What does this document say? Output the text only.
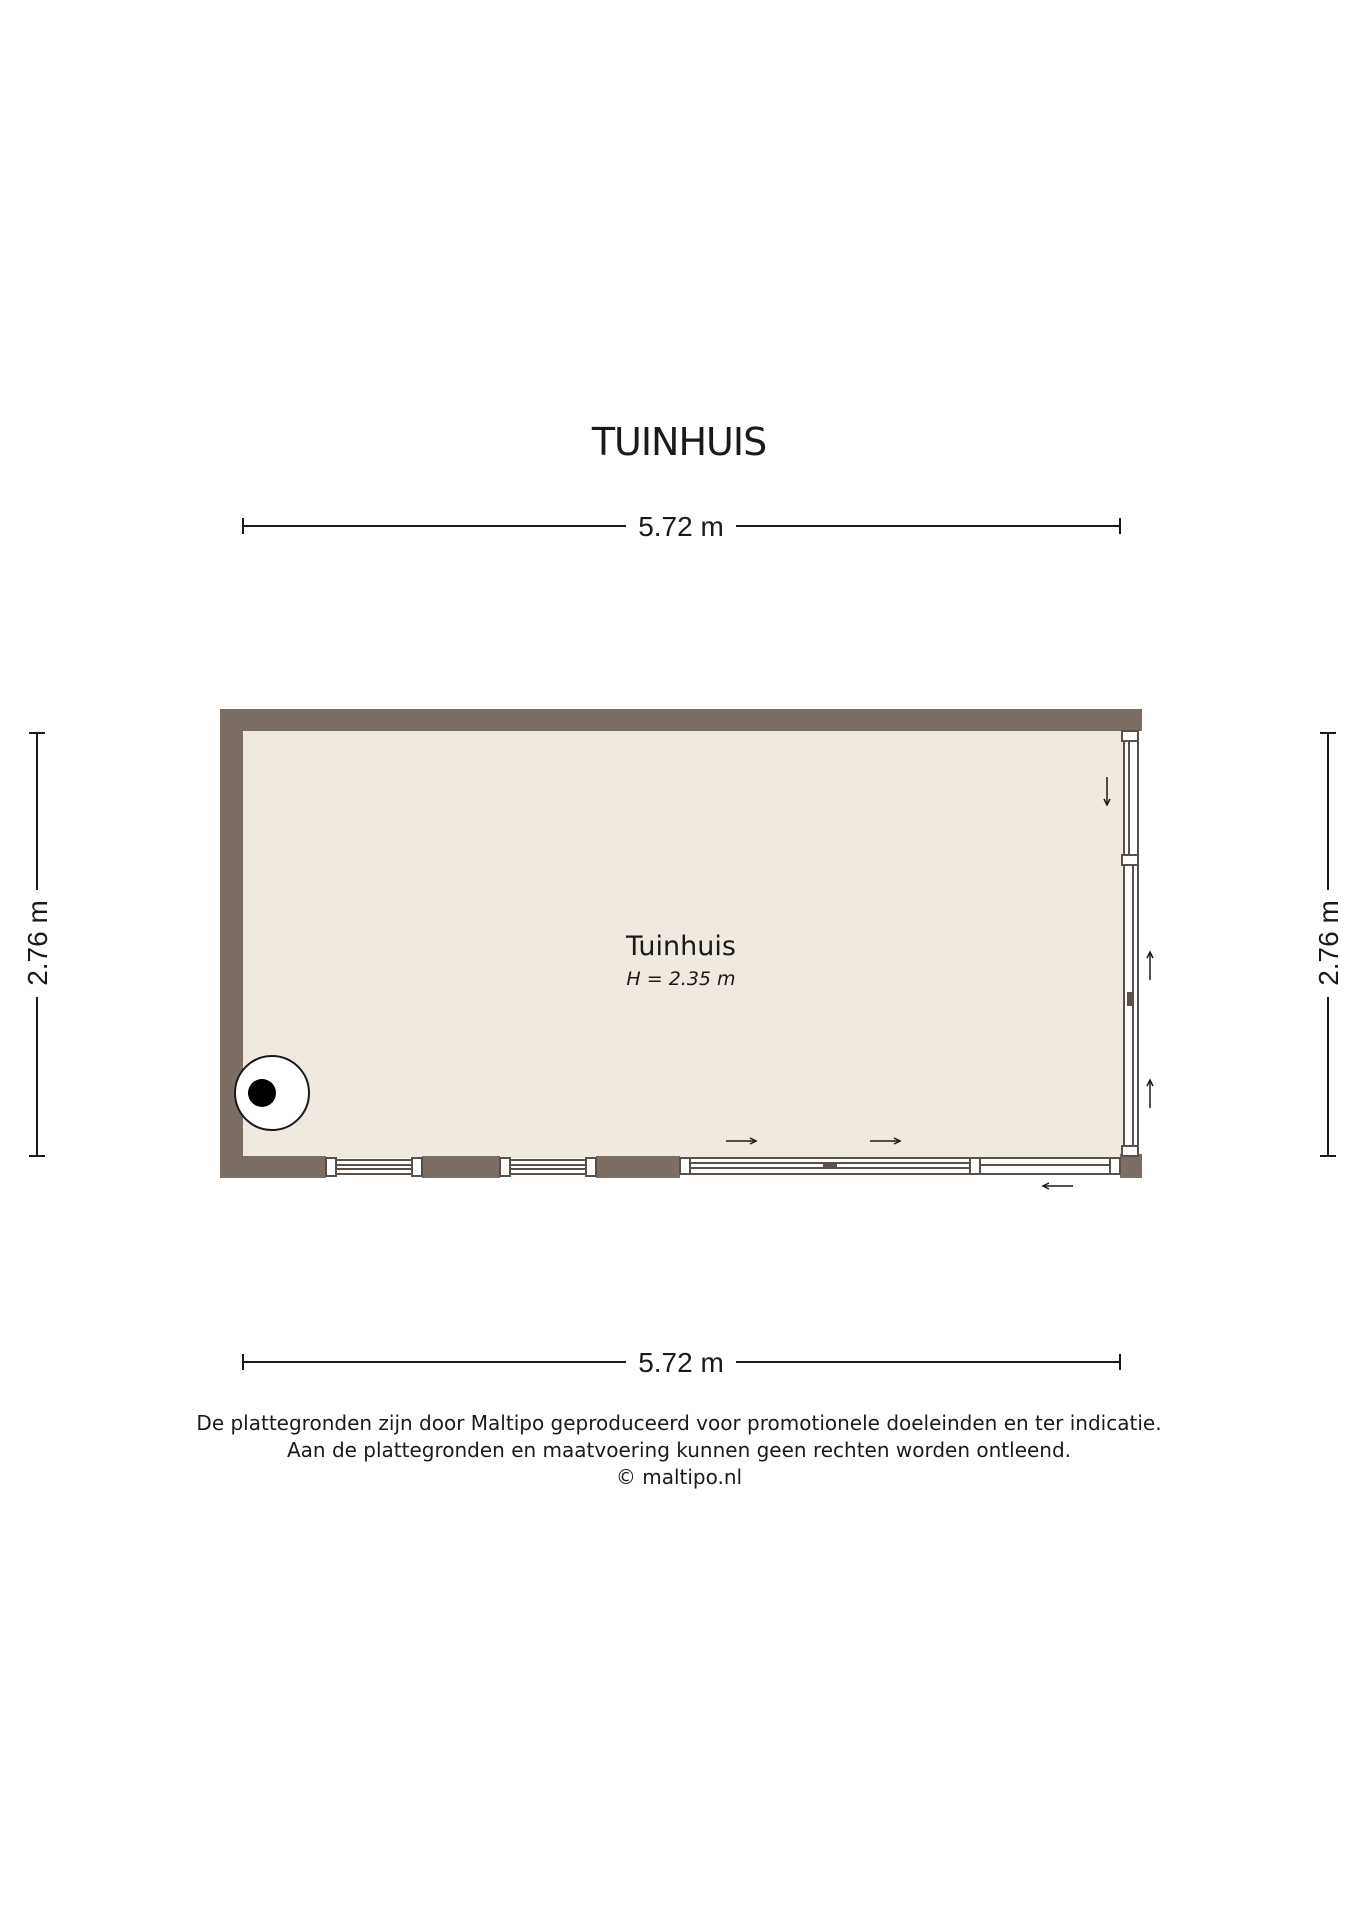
TUINHUIS
5.72 m
5.72 m
2.76 m	2.76 m
Tuinhuis
H = 2.35 m
De plattegronden zijn door Maltipo geproduceerd voor promotionele doeleinden en ter indicatie.
Aan de plattegronden en maatvoering kunnen geen rechten worden ontleend.
© maltipo.nl
